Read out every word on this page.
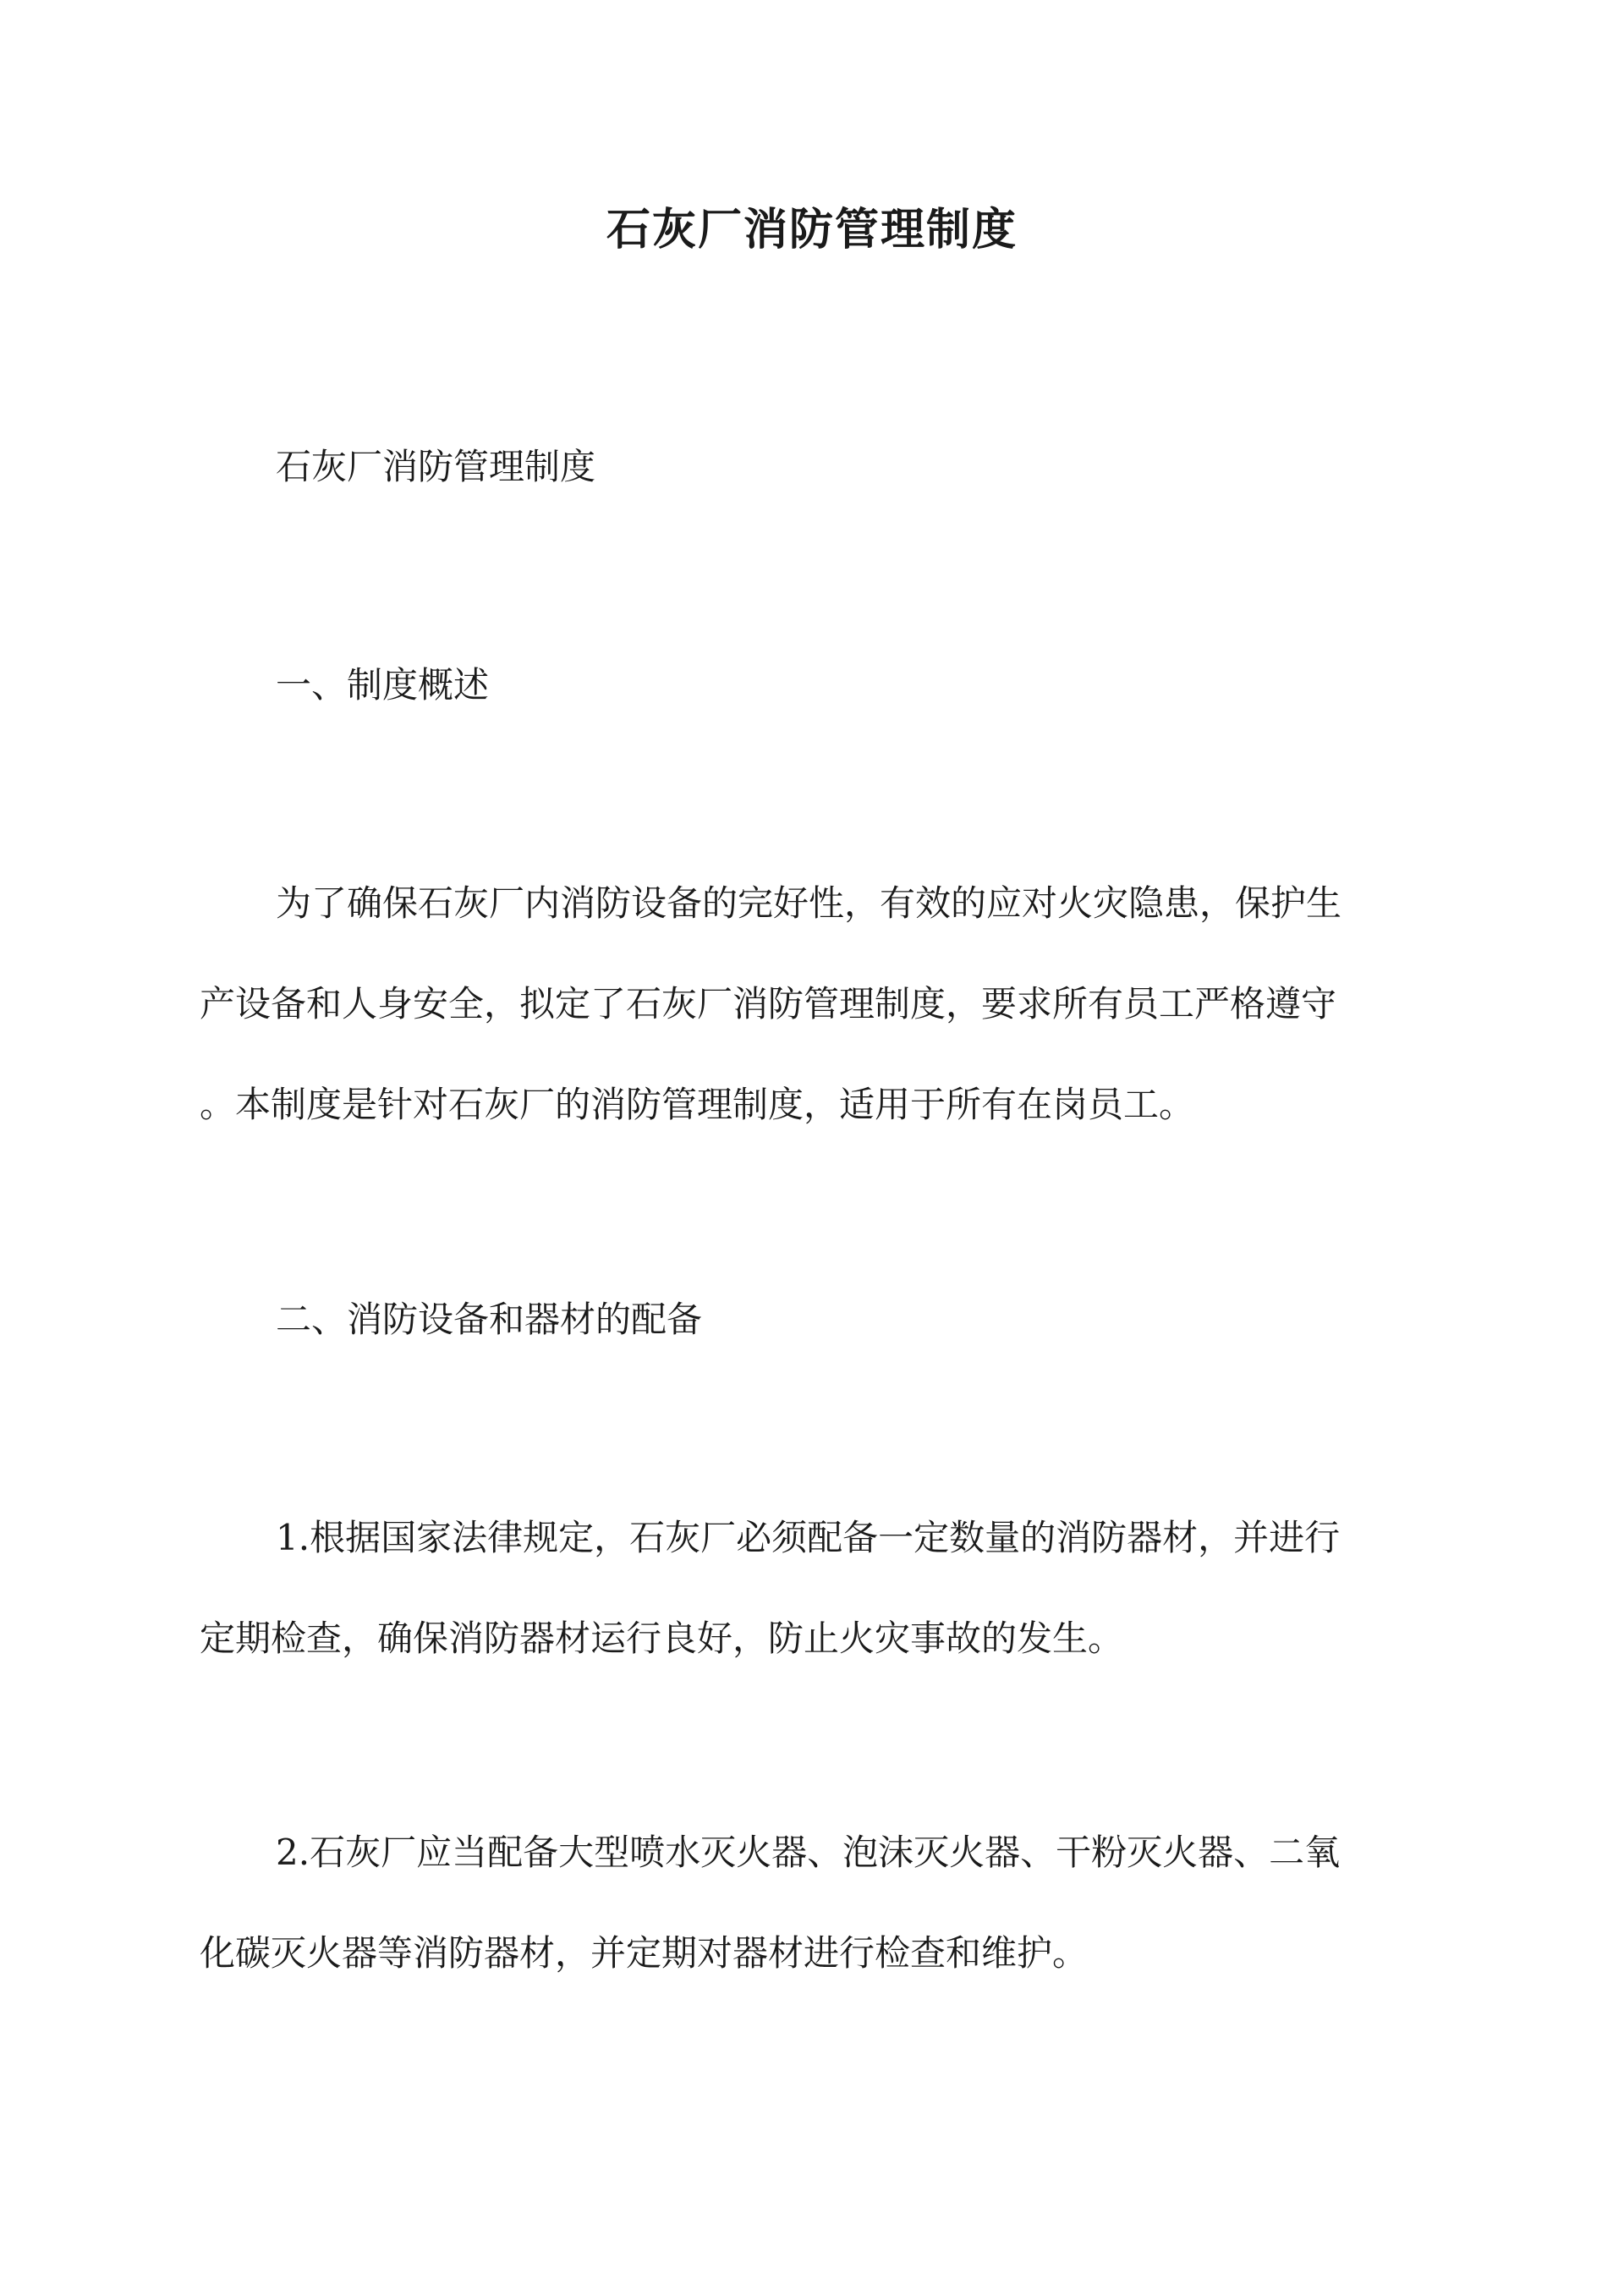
石灰厂消防管理制度
石灰厂消防管理制度
一、制度概述
为了确保石灰厂内消防设备的完好性，有效的应对火灾隐患，保护生
产设备和人身安全，拟定了石灰厂消防管理制度，要求所有员工严格遵守
。本制度是针对石灰厂的消防管理制度，适用于所有在岗员工。
二、消防设备和器材的配备
1.根据国家法律规定，石灰厂必须配备一定数量的消防器材，并进行
定期检查，确保消防器材运行良好，防止火灾事故的发生。
2.石灰厂应当配备大型喷水灭火器、泡沫灭火器、干粉灭火器、二氧
化碳灭火器等消防器材，并定期对器材进行检查和维护。
